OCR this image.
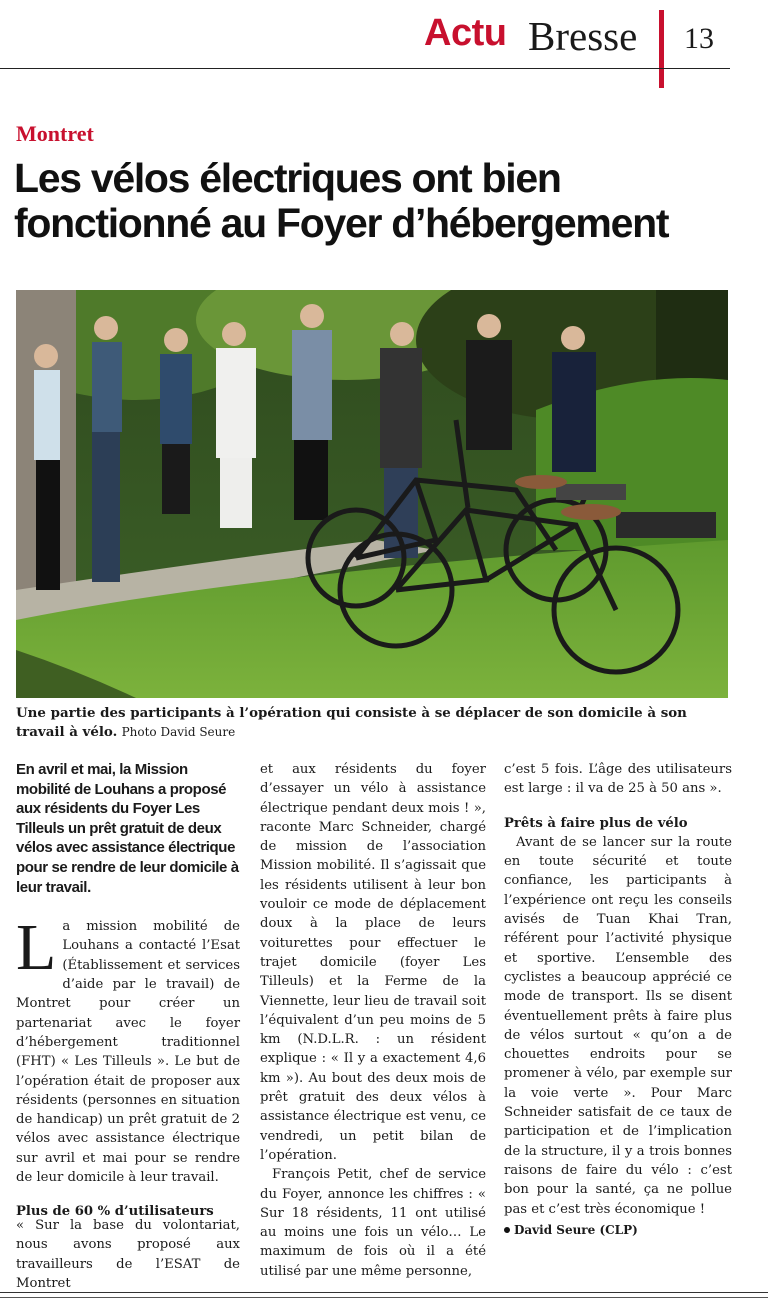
Actu Bresse 13
Montret
Les vélos électriques ont bien fonctionné au Foyer d’hébergement
Une partie des participants à l’opération qui consiste à se déplacer de son domicile à son travail à vélo. Photo David Seure

En avril et mai, la Mission mobilité de Louhans a proposé aux résidents du Foyer Les Tilleuls un prêt gratuit de deux vélos avec assistance électrique pour se rendre de leur domicile à leur travail.

La mission mobilité de Louhans a contacté l’Esat (Établissement et services d’aide par le travail) de Montret pour créer un partenariat avec le foyer d’hébergement traditionnel (FHT) « Les Tilleuls ». Le but de l’opération était de proposer aux résidents (personnes en situation de handicap) un prêt gratuit de 2 vélos avec assistance électrique sur avril et mai pour se rendre de leur domicile à leur travail.

Plus de 60 % d’utilisateurs

« Sur la base du volontariat, nous avons proposé aux travailleurs de l’ESAT de Montret

et aux résidents du foyer d’essayer un vélo à assistance électrique pendant deux mois ! », raconte Marc Schneider, chargé de mission de l’association Mission mobilité. Il s’agissait que les résidents utilisent à leur bon vouloir ce mode de déplacement doux à la place de leurs voiturettes pour effectuer le trajet domicile (foyer Les Tilleuls) et la Ferme de la Viennette, leur lieu de travail soit l’équivalent d’un peu moins de 5 km (N.D.L.R. : un résident explique : « Il y a exactement 4,6 km »). Au bout des deux mois de prêt gratuit des deux vélos à assistance électrique est venu, ce vendredi, un petit bilan de l’opération.

François Petit, chef de service du Foyer, annonce les chiffres : « Sur 18 résidents, 11 ont utilisé au moins une fois un vélo… Le maximum de fois où il a été utilisé par une même personne,

c’est 5 fois. L’âge des utilisateurs est large : il va de 25 à 50 ans ».

Prêts à faire plus de vélo

Avant de se lancer sur la route en toute sécurité et toute confiance, les participants à l’expérience ont reçu les conseils avisés de Tuan Khai Tran, référent pour l’activité physique et sportive. L’ensemble des cyclistes a beaucoup apprécié ce mode de transport. Ils se disent éventuellement prêts à faire plus de vélos surtout « qu’on a de chouettes endroits pour se promener à vélo, par exemple sur la voie verte ». Pour Marc Schneider satisfait de ce taux de participation et de l’implication de la structure, il y a trois bonnes raisons de faire du vélo : c’est bon pour la santé, ça ne pollue pas et c’est très économique !

David Seure (CLP)
